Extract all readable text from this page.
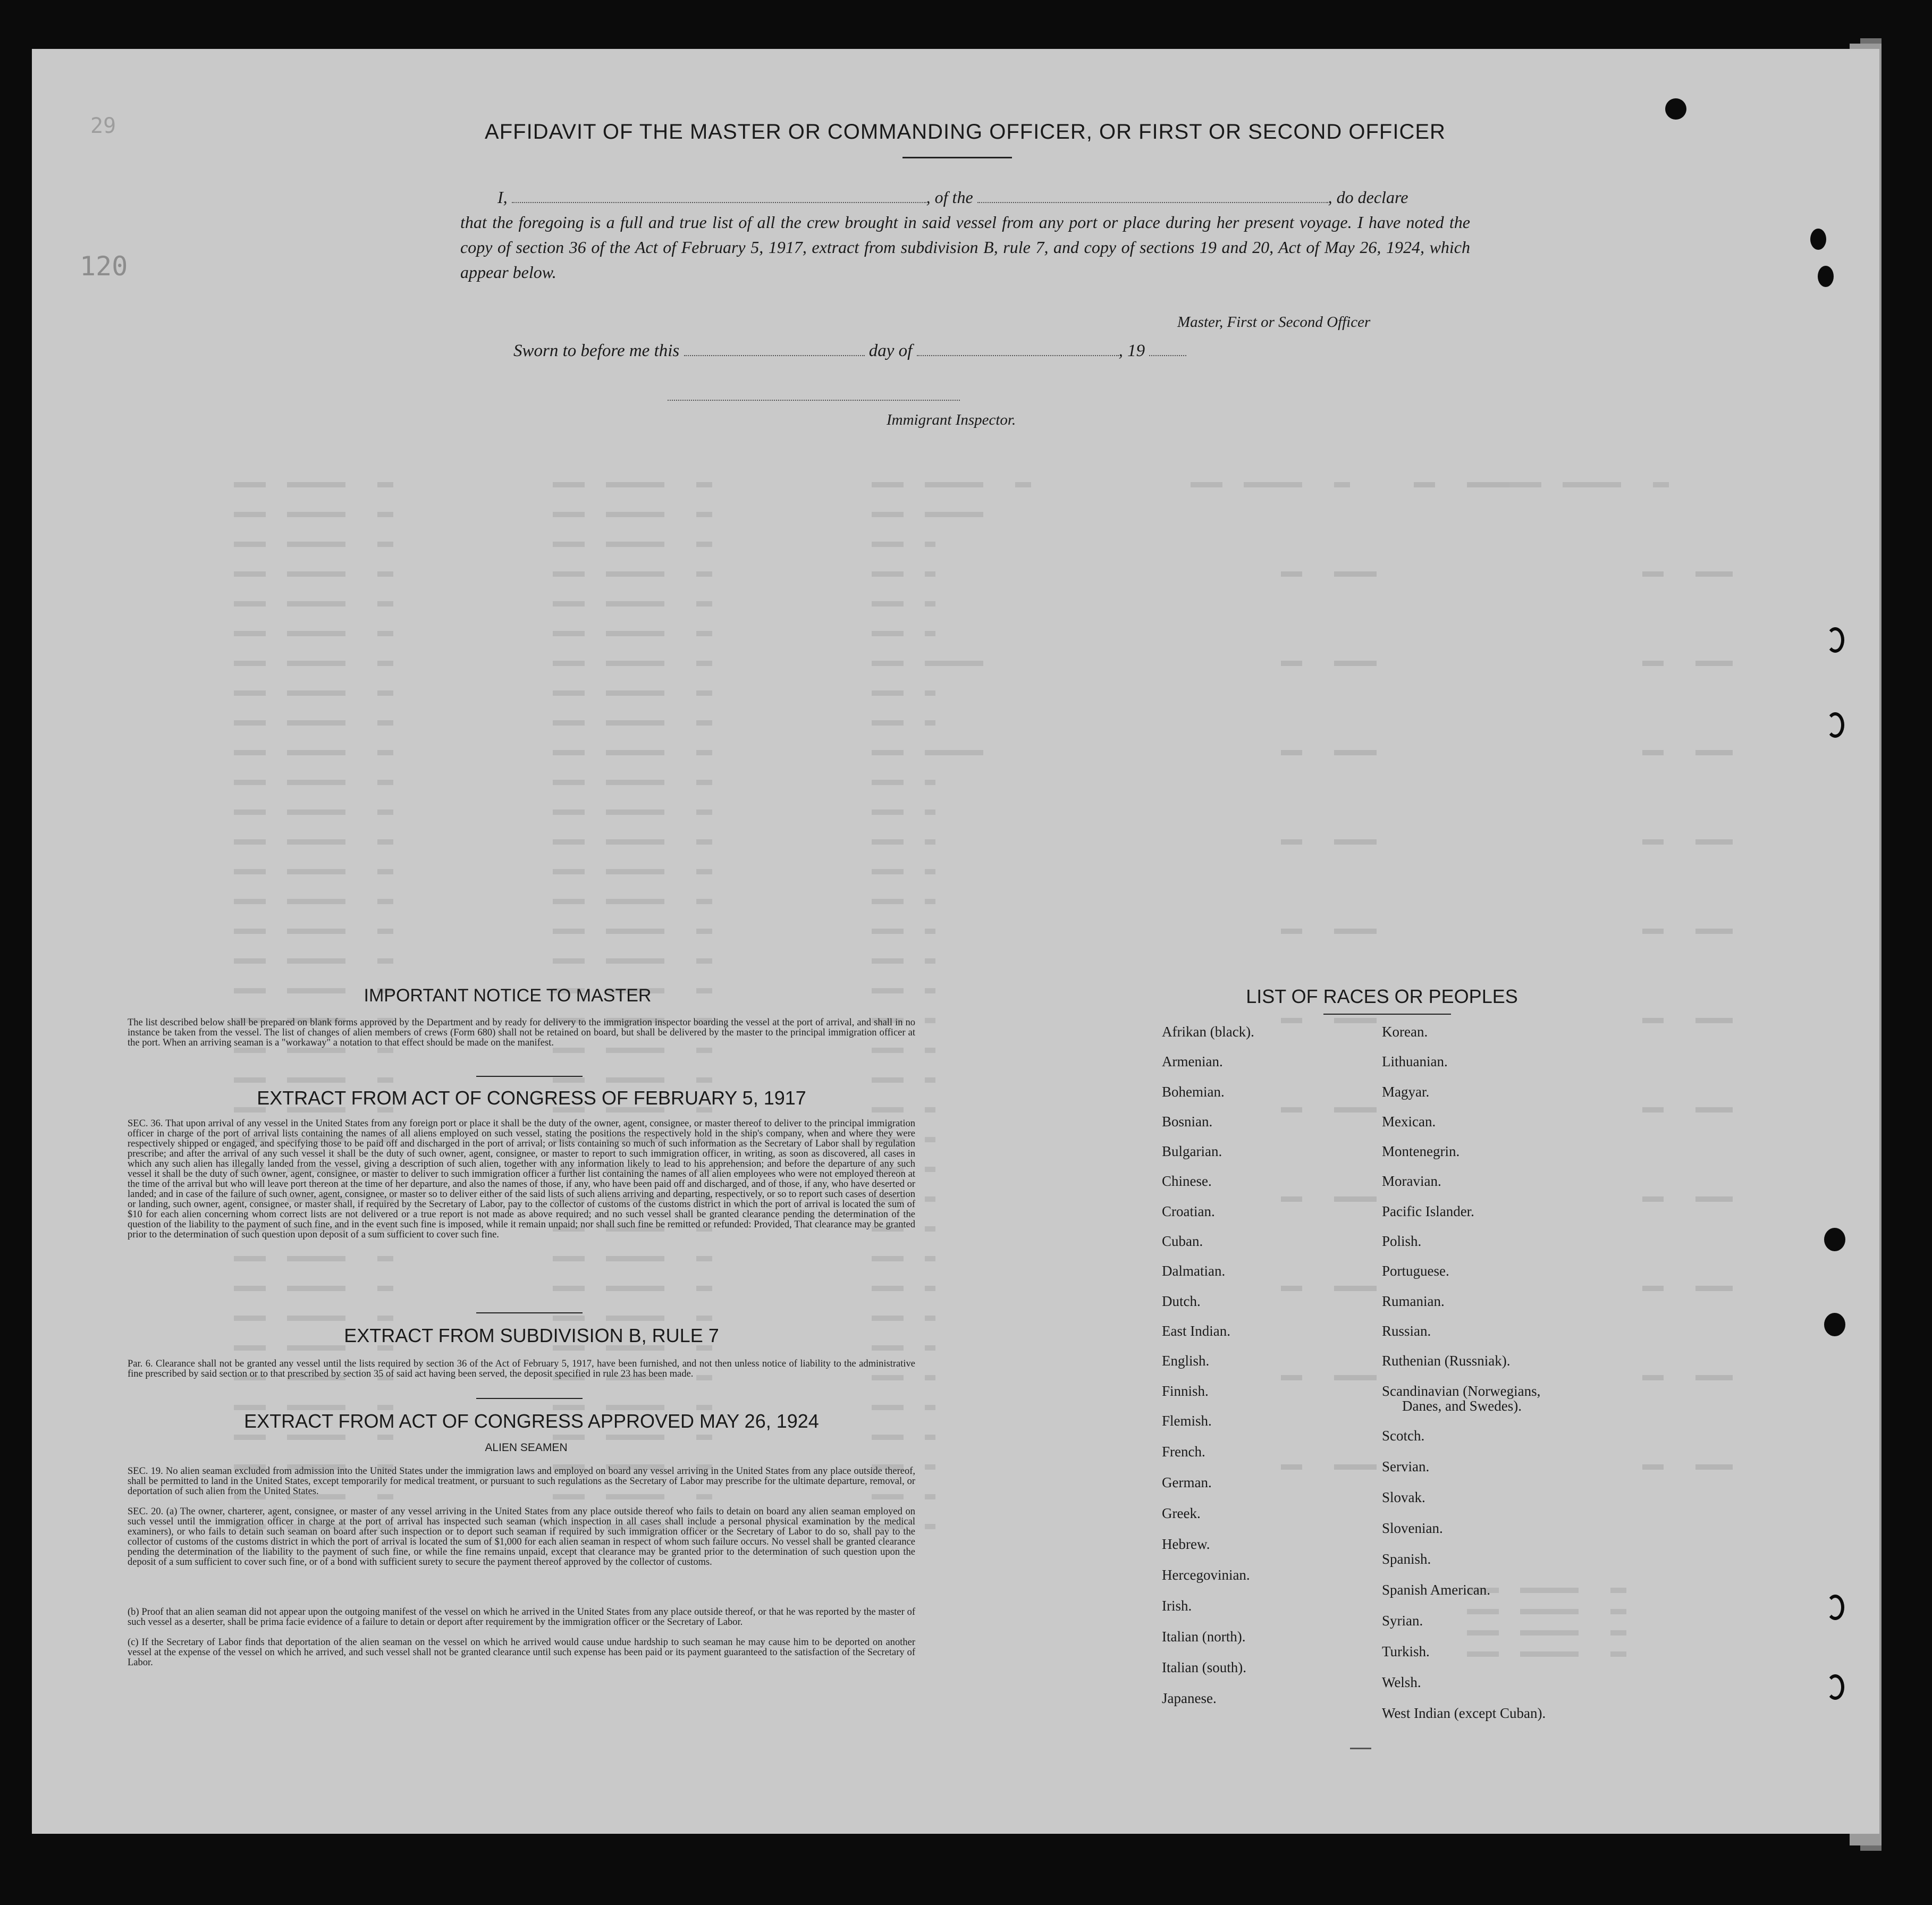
29
120
AFFIDAVIT OF THE MASTER OR COMMANDING OFFICER, OR FIRST OR SECOND OFFICER
I,	, of the	, do declare
that the foregoing is a full and true list of all the crew brought in said vessel from any port or place during her present voyage. I have noted the copy of section 36 of the Act of February 5, 1917, extract from subdivision B, rule 7, and copy of sections 19 and 20, Act of May 26, 1924, which appear below.
Master, First or Second Officer
Sworn to before me this	day of	, 19
Immigrant Inspector.
IMPORTANT NOTICE TO MASTER
The list described below shall be prepared on blank forms approved by the Department and by ready for delivery to the immigration inspector boarding the vessel at the port of arrival, and shall in no instance be taken from the vessel. The list of changes of alien members of crews (Form 680) shall not be retained on board, but shall be delivered by the master to the principal immigration officer at the port. When an arriving seaman is a "workaway" a notation to that effect should be made on the manifest.
EXTRACT FROM ACT OF CONGRESS OF FEBRUARY 5, 1917
SEC. 36. That upon arrival of any vessel in the United States from any foreign port or place it shall be the duty of the owner, agent, consignee, or master thereof to deliver to the principal immigration officer in charge of the port of arrival lists containing the names of all aliens employed on such vessel, stating the positions the respectively hold in the ship's company, when and where they were respectively shipped or engaged, and specifying those to be paid off and discharged in the port of arrival; or lists containing so much of such information as the Secretary of Labor shall by regulation prescribe; and after the arrival of any such vessel it shall be the duty of such owner, agent, consignee, or master to report to such immigration officer, in writing, as soon as discovered, all cases in which any such alien has illegally landed from the vessel, giving a description of such alien, together with any information likely to lead to his apprehension; and before the departure of any such vessel it shall be the duty of such owner, agent, consignee, or master to deliver to such immigration officer a further list containing the names of all alien employees who were not employed thereon at the time of the arrival but who will leave port thereon at the time of her departure, and also the names of those, if any, who have been paid off and discharged, and of those, if any, who have deserted or landed; and in case of the failure of such owner, agent, consignee, or master so to deliver either of the said lists of such aliens arriving and departing, respectively, or so to report such cases of desertion or landing, such owner, agent, consignee, or master shall, if required by the Secretary of Labor, pay to the collector of customs of the customs district in which the port of arrival is located the sum of $10 for each alien concerning whom correct lists are not delivered or a true report is not made as above required; and no such vessel shall be granted clearance pending the determination of the question of the liability to the payment of such fine, and in the event such fine is imposed, while it remain unpaid; nor shall such fine be remitted or refunded: Provided, That clearance may be granted prior to the determination of such question upon deposit of a sum sufficient to cover such fine.
EXTRACT FROM SUBDIVISION B, RULE 7
Par. 6. Clearance shall not be granted any vessel until the lists required by section 36 of the Act of February 5, 1917, have been furnished, and not then unless notice of liability to the administrative fine prescribed by said section or to that prescribed by section 35 of said act having been served, the deposit specified in rule 23 has been made.
EXTRACT FROM ACT OF CONGRESS APPROVED MAY 26, 1924
ALIEN SEAMEN
SEC. 19. No alien seaman excluded from admission into the United States under the immigration laws and employed on board any vessel arriving in the United States from any place outside thereof, shall be permitted to land in the United States, except temporarily for medical treatment, or pursuant to such regulations as the Secretary of Labor may prescribe for the ultimate departure, removal, or deportation of such alien from the United States.
SEC. 20. (a) The owner, charterer, agent, consignee, or master of any vessel arriving in the United States from any place outside thereof who fails to detain on board any alien seaman employed on such vessel until the immigration officer in charge at the port of arrival has inspected such seaman (which inspection in all cases shall include a personal physical examination by the medical examiners), or who fails to detain such seaman on board after such inspection or to deport such seaman if required by such immigration officer or the Secretary of Labor to do so, shall pay to the collector of customs of the customs district in which the port of arrival is located the sum of $1,000 for each alien seaman in respect of whom such failure occurs. No vessel shall be granted clearance pending the determination of the liability to the payment of such fine, or while the fine remains unpaid, except that clearance may be granted prior to the determination of such question upon the deposit of a sum sufficient to cover such fine, or of a bond with sufficient surety to secure the payment thereof approved by the collector of customs.
(b) Proof that an alien seaman did not appear upon the outgoing manifest of the vessel on which he arrived in the United States from any place outside thereof, or that he was reported by the master of such vessel as a deserter, shall be prima facie evidence of a failure to detain or deport after requirement by the immigration officer or the Secretary of Labor.
(c) If the Secretary of Labor finds that deportation of the alien seaman on the vessel on which he arrived would cause undue hardship to such seaman he may cause him to be deported on another vessel at the expense of the vessel on which he arrived, and such vessel shall not be granted clearance until such expense has been paid or its payment guaranteed to the satisfaction of the Secretary of Labor.
LIST OF RACES OR PEOPLES
Afrikan (black).
Armenian.
Bohemian.
Bosnian.
Bulgarian.
Chinese.
Croatian.
Cuban.
Dalmatian.
Dutch.
East Indian.
English.
Finnish.
Flemish.
French.
German.
Greek.
Hebrew.
Hercegovinian.
Irish.
Italian (north).
Italian (south).
Japanese.
Korean.
Lithuanian.
Magyar.
Mexican.
Montenegrin.
Moravian.
Pacific Islander.
Polish.
Portuguese.
Rumanian.
Russian.
Ruthenian (Russniak).
Scandinavian (Norwegians,
Danes, and Swedes).
Scotch.
Servian.
Slovak.
Slovenian.
Spanish.
Spanish American.
Syrian.
Turkish.
Welsh.
West Indian (except Cuban).
